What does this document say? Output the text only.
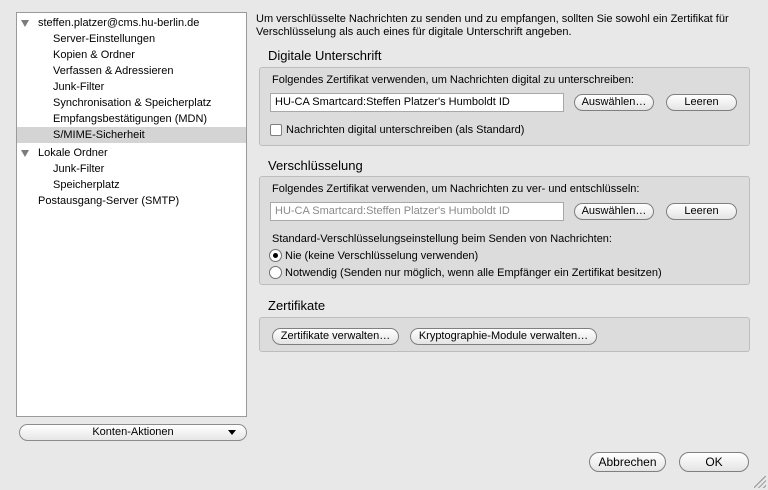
steffen.platzer@cms.hu-berlin.de
Server-Einstellungen
Kopien & Ordner
Verfassen & Adressieren
Junk-Filter
Synchronisation & Speicherplatz
Empfangsbestätigungen (MDN)
S/MIME-Sicherheit
Lokale Ordner
Junk-Filter
Speicherplatz
Postausgang-Server (SMTP)
Konten-Aktionen
Um verschlüsselte Nachrichten zu senden und zu empfangen, sollten Sie sowohl ein Zertifikat für Verschlüsselung als auch eines für digitale Unterschrift angeben.
Digitale Unterschrift
Folgendes Zertifikat verwenden, um Nachrichten digital zu unterschreiben:
HU-CA Smartcard:Steffen Platzer's Humboldt ID	Auswählen…	Leeren
Nachrichten digital unterschreiben (als Standard)
Verschlüsselung
Folgendes Zertifikat verwenden, um Nachrichten zu ver- und entschlüsseln:
HU-CA Smartcard:Steffen Platzer's Humboldt ID	Auswählen…	Leeren
Standard-Verschlüsselungseinstellung beim Senden von Nachrichten:
Nie (keine Verschlüsselung verwenden)
Notwendig (Senden nur möglich, wenn alle Empfänger ein Zertifikat besitzen)
Zertifikate
Zertifikate verwalten…	Kryptographie-Module verwalten…
Abbrechen	OK
